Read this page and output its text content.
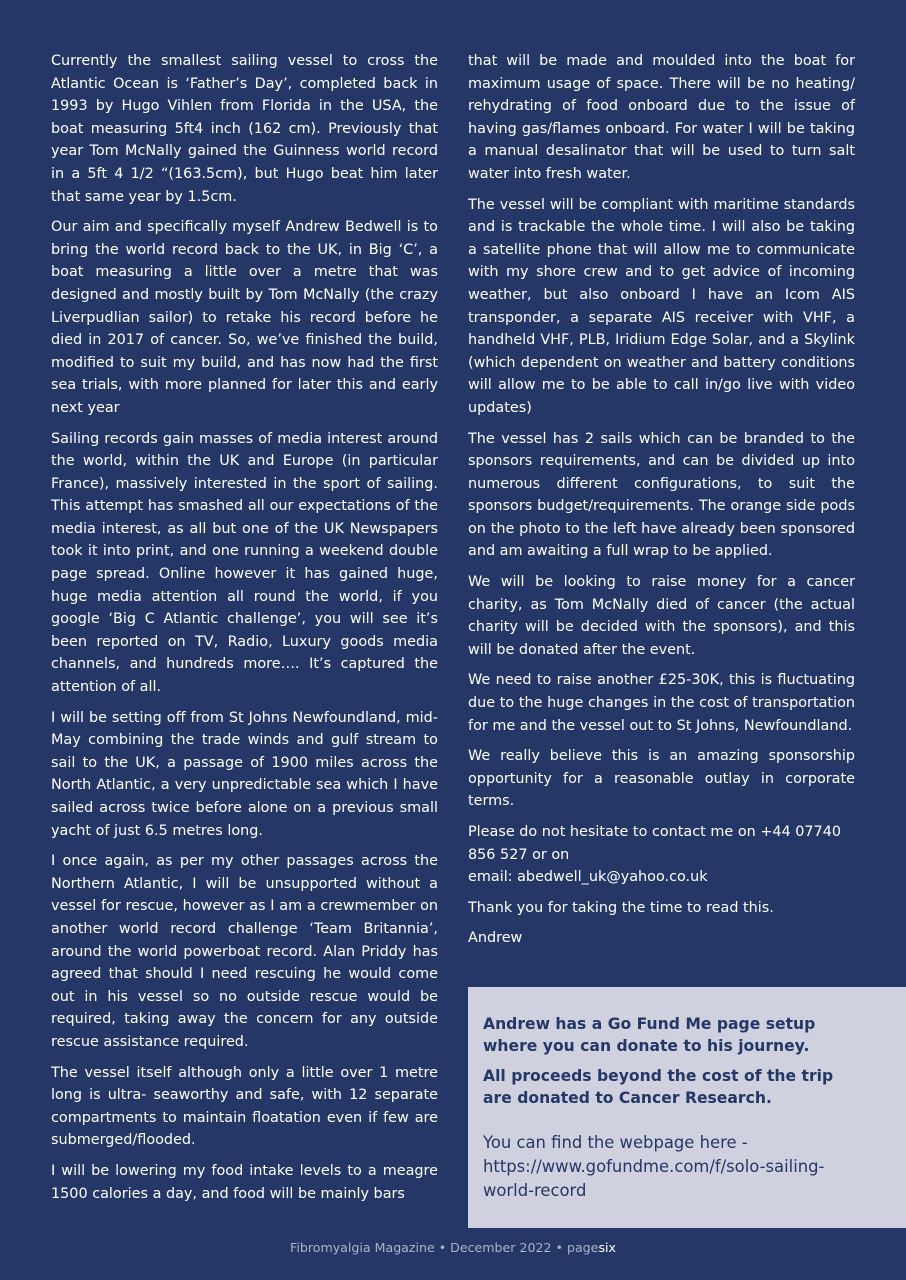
Currently the smallest sailing vessel to cross the Atlantic Ocean is ‘Father’s Day’, completed back in 1993 by Hugo Vihlen from Florida in the USA, the boat measuring 5ft4 inch (162 cm). Previously that year Tom McNally gained the Guinness world record in a 5ft 4 1/2 “(163.5cm), but Hugo beat him later that same year by 1.5cm.

Our aim and specifically myself Andrew Bedwell is to bring the world record back to the UK, in Big ‘C’, a boat measuring a little over a metre that was designed and mostly built by Tom McNally (the crazy Liverpudlian sailor) to retake his record before he died in 2017 of cancer. So, we’ve finished the build, modified to suit my build, and has now had the first sea trials, with more planned for later this and early next year

Sailing records gain masses of media interest around the world, within the UK and Europe (in particular France), massively interested in the sport of sailing. This attempt has smashed all our expectations of the media interest, as all but one of the UK Newspapers took it into print, and one running a weekend double page spread. Online however it has gained huge, huge media attention all round the world, if you google ‘Big C Atlantic challenge’, you will see it’s been reported on TV, Radio, Luxury goods media channels, and hundreds more…. It’s captured the attention of all.

I will be setting off from St Johns Newfoundland, mid-May combining the trade winds and gulf stream to sail to the UK, a passage of 1900 miles across the North Atlantic, a very unpredictable sea which I have sailed across twice before alone on a previous small yacht of just 6.5 metres long.

I once again, as per my other passages across the Northern Atlantic, I will be unsupported without a vessel for rescue, however as I am a crewmember on another world record challenge ‘Team Britannia’, around the world powerboat record. Alan Priddy has agreed that should I need rescuing he would come out in his vessel so no outside rescue would be required, taking away the concern for any outside rescue assistance required.

The vessel itself although only a little over 1 metre long is ultra- seaworthy and safe, with 12 separate compartments to maintain floatation even if few are submerged/flooded.

I will be lowering my food intake levels to a meagre 1500 calories a day, and food will be mainly bars

that will be made and moulded into the boat for maximum usage of space. There will be no heating/ rehydrating of food onboard due to the issue of having gas/flames onboard. For water I will be taking a manual desalinator that will be used to turn salt water into fresh water.

The vessel will be compliant with maritime standards and is trackable the whole time. I will also be taking a satellite phone that will allow me to communicate with my shore crew and to get advice of incoming weather, but also onboard I have an Icom AIS transponder, a separate AIS receiver with VHF, a handheld VHF, PLB, Iridium Edge Solar, and a Skylink (which dependent on weather and battery conditions will allow me to be able to call in/go live with video updates)

The vessel has 2 sails which can be branded to the sponsors requirements, and can be divided up into numerous different configurations, to suit the sponsors budget/requirements. The orange side pods on the photo to the left have already been sponsored and am awaiting a full wrap to be applied.

We will be looking to raise money for a cancer charity, as Tom McNally died of cancer (the actual charity will be decided with the sponsors), and this will be donated after the event.

We need to raise another £25-30K, this is fluctuating due to the huge changes in the cost of transportation for me and the vessel out to St Johns, Newfoundland.

We really believe this is an amazing sponsorship opportunity for a reasonable outlay in corporate terms.

Please do not hesitate to contact me on +44 07740 856 527 or on
email: abedwell_uk@yahoo.co.uk

Thank you for taking the time to read this.

Andrew

Andrew has a Go Fund Me page setup where you can donate to his journey.

All proceeds beyond the cost of the trip are donated to Cancer Research.

You can find the webpage here - https://www.gofundme.com/f/solo-sailing-world-record

Fibromyalgia Magazine • December 2022 • pagesix
